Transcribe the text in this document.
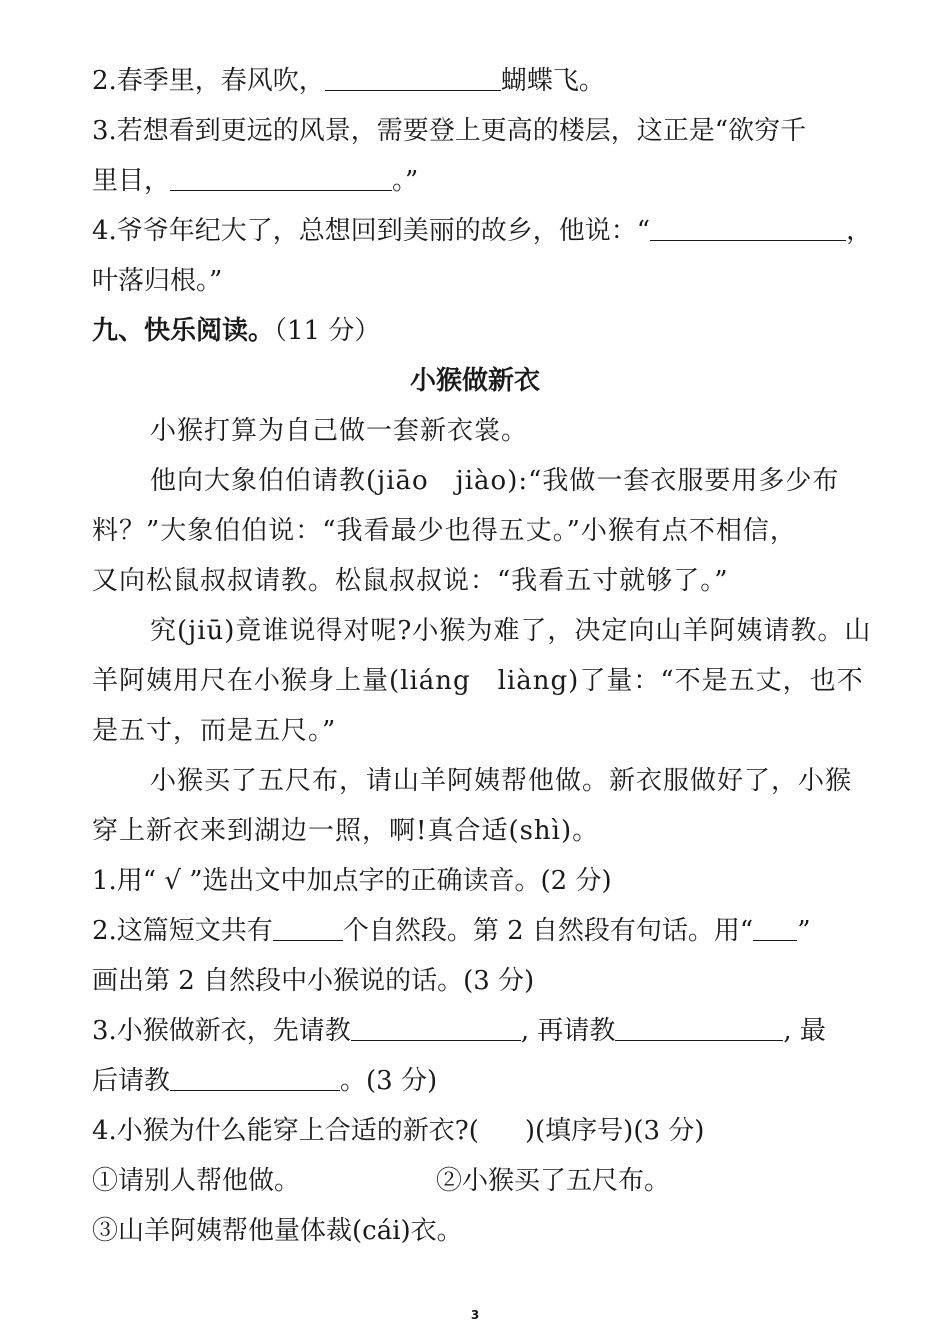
2.春季里，春风吹，	蝴蝶飞。
3.若想看到更远的风景，需要登上更高的楼层，这正是“欲穷千
里目，	。”
4.爷爷年纪大了，总想回到美丽的故乡，他说：“	，
叶落归根。”
九、快乐阅读。（11 分）
小猴做新衣
小猴打算为自己做一套新衣裳。
他向大象伯伯请教(jiāo　jiào):“我做一套衣服要用多少布
料？”大象伯伯说：“我看最少也得五丈。”小猴有点不相信，
又向松鼠叔叔请教。松鼠叔叔说：“我看五寸就够了。”
究(jiū)竟谁说得对呢?小猴为难了，决定向山羊阿姨请教。山
羊阿姨用尺在小猴身上量(liáng　liàng)了量：“不是五丈，也不
是五寸，而是五尺。”
小猴买了五尺布，请山羊阿姨帮他做。新衣服做好了，小猴
穿上新衣来到湖边一照，啊!真合适(shì)。
1.用“ √ ”选出文中加点字的正确读音。(2 分)
2.这篇短文共有	个自然段。第 2 自然段有句话。用“ ”
画出第 2 自然段中小猴说的话。(3 分)
3.小猴做新衣，先请教	, 再请教	, 最
后请教	。(3 分)
4.小猴为什么能穿上合适的新衣?( )(填序号)(3 分)
①请别人帮他做。	②小猴买了五尺布。
③山羊阿姨帮他量体裁(cái)衣。
3
